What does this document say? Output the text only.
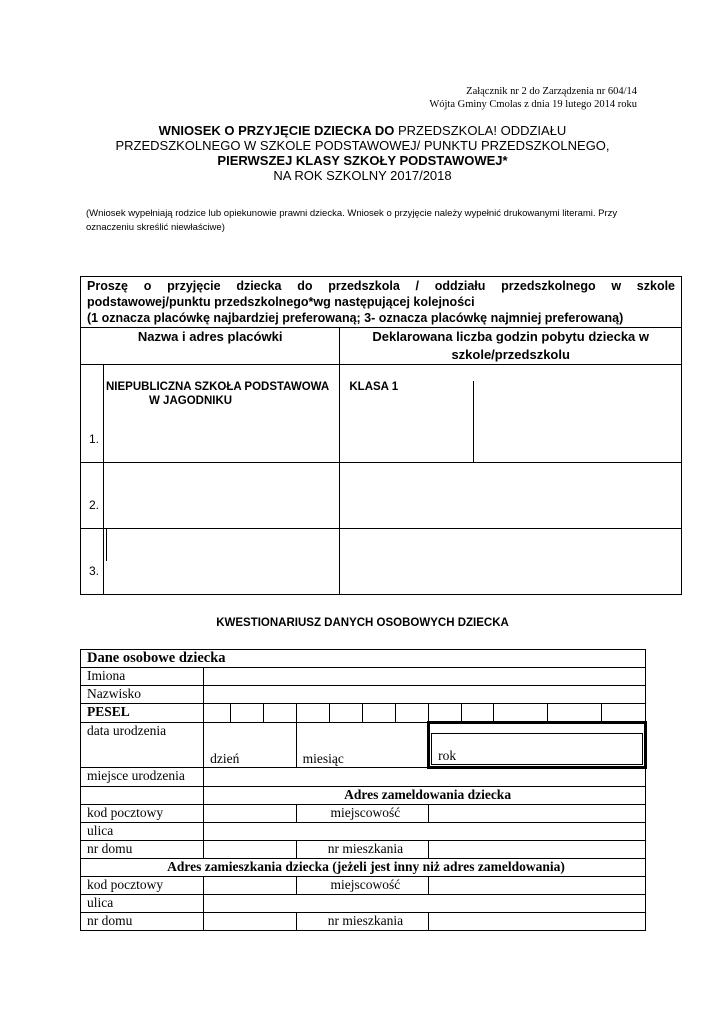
Załącznik nr 2 do Zarządzenia nr 604/14
Wójta Gminy Cmolas z dnia 19 lutego 2014 roku
WNIOSEK O PRZYJĘCIE DZIECKA DO PRZEDSZKOLA! ODDZIAŁU
PRZEDSZKOLNEGO W SZKOLE PODSTAWOWEJ/ PUNKTU PRZEDSZKOLNEGO,
PIERWSZEJ KLASY SZKOŁY PODSTAWOWEJ*
NA ROK SZKOLNY 2017/2018
(Wniosek wypełniają rodzice lub opiekunowie prawni dziecka. Wniosek o przyjęcie należy wypełnić drukowanymi literami. Przy oznaczeniu skreślić niewłaściwe)
Proszę o przyjęcie dziecka do przedszkola / oddziału przedszkolnego w szkole podstawowej/punktu przedszkolnego*wg następującej kolejności
(1 oznacza placówkę najbardziej preferowaną; 3- oznacza placówkę najmniej preferowaną)		

Nazwa i adres placówki		Deklarowana liczba godzin pobytu dziecka w szkole/przedszkolu

1.	NIEPUBLICZNA SZKOŁA PODSTAWOWA
W JAGODNIKU	KLASA 1

2.		

3.		

KWESTIONARIUSZ DANYCH OSOBOWYCH DZIECKA
Dane osobowe dziecka												
Imiona												
Nazwisko												
PESEL												
data urodzenia	dzień			miesiąc				rok				

miejsce urodzenia												
	Adres zameldowania dziecka											
kod pocztowy				miejscowość								
ulica												
nr domu				nr mieszkania								
Adres zamieszkania dziecka (jeżeli jest inny niż adres zameldowania)												
kod pocztowy				miejscowość								
ulica												
nr domu				nr mieszkania								
